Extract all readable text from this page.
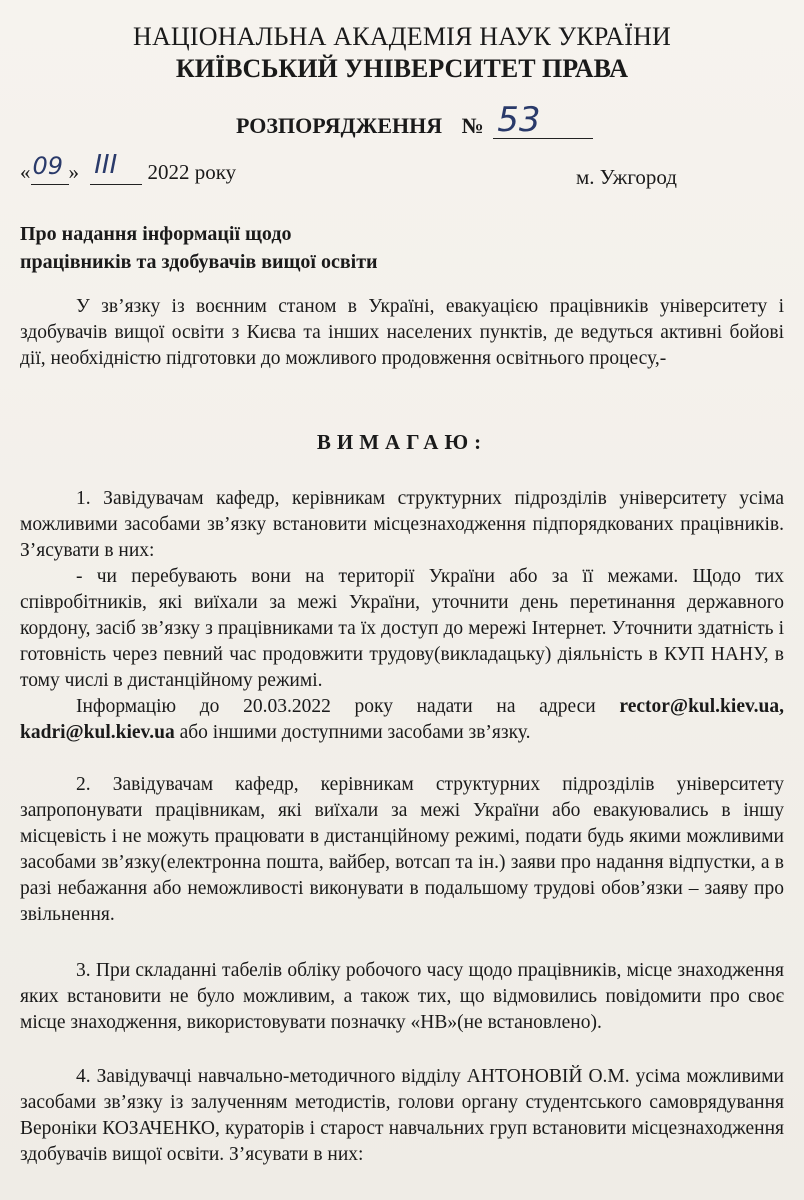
НАЦІОНАЛЬНА АКАДЕМІЯ НАУК УКРАЇНИ
КИЇВСЬКИЙ УНІВЕРСИТЕТ ПРАВА
РОЗПОРЯДЖЕННЯ № 53
« 09 » III 2022 року	м. Ужгород
Про надання інформації щодо
працівників та здобувачів вищої освіти

У зв’язку із воєнним станом в Україні, евакуацією працівників університету і здобувачів вищої освіти з Києва та інших населених пунктів, де ведуться активні бойові дії, необхідністю підготовки до можливого продовження освітнього процесу,-

ВИМАГАЮ:

1. Завідувачам кафедр, керівникам структурних підрозділів університету усіма можливими засобами зв’язку встановити місцезнаходження підпорядкованих працівників. З’ясувати в них:

- чи перебувають вони на території України або за її межами. Щодо тих співробітників, які виїхали за межі України, уточнити день перетинання державного кордону, засіб зв’язку з працівниками та їх доступ до мережі Інтернет. Уточнити здатність і готовність через певний час продовжити трудову(викладацьку) діяльність в КУП НАНУ, в тому числі в дистанційному режимі.

Інформацію до 20.03.2022 року надати на адреси rector@kul.kiev.ua, kadri@kul.kiev.ua або іншими доступними засобами зв’язку.

2. Завідувачам кафедр, керівникам структурних підрозділів університету запропонувати працівникам, які виїхали за межі України або евакуювались в іншу місцевість і не можуть працювати в дистанційному режимі, подати будь якими можливими засобами зв’язку(електронна пошта, вайбер, вотсап та ін.) заяви про надання відпустки, а в разі небажання або неможливості виконувати в подальшому трудові обов’язки – заяву про звільнення.

3. При складанні табелів обліку робочого часу щодо працівників, місце знаходження яких встановити не було можливим, а також тих, що відмовились повідомити про своє місце знаходження, використовувати позначку «НВ»(не встановлено).

4. Завідувачці навчально-методичного відділу АНТОНОВІЙ О.М. усіма можливими засобами зв’язку із залученням методистів, голови органу студентського самоврядування Вероніки КОЗАЧЕНКО, кураторів і старост навчальних груп встановити місцезнаходження здобувачів вищої освіти. З’ясувати в них:
